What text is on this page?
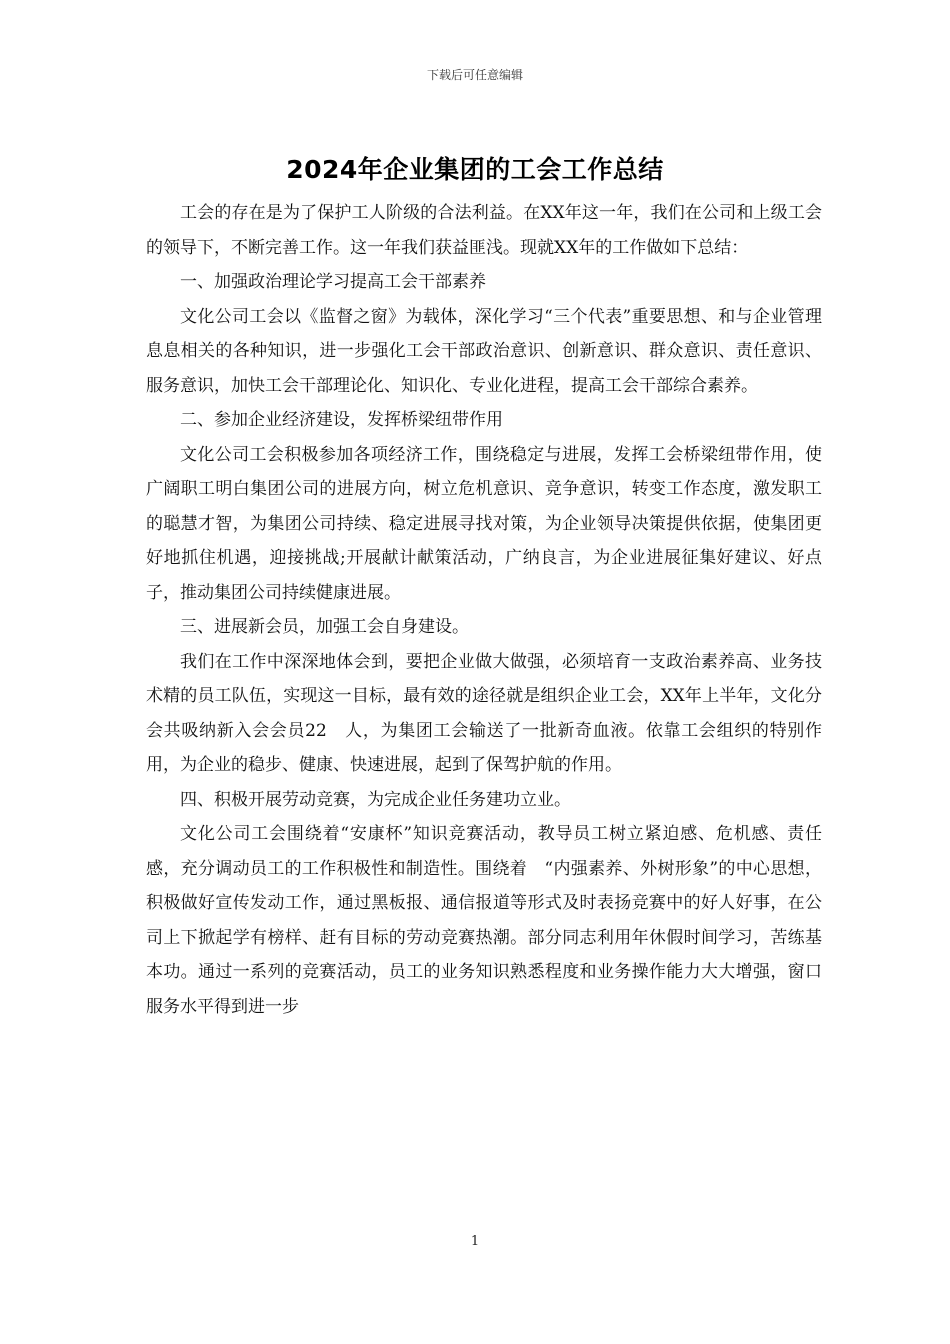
下载后可任意编辑
2024年企业集团的工会工作总结

工会的存在是为了保护工人阶级的合法利益。在XX年这一年，我们在公司和上级工会的领导下，不断完善工作。这一年我们获益匪浅。现就XX年的工作做如下总结：

一、加强政治理论学习提高工会干部素养

文化公司工会以《监督之窗》为载体，深化学习“三个代表”重要思想、和与企业管理息息相关的各种知识，进一步强化工会干部政治意识、创新意识、群众意识、责任意识、服务意识，加快工会干部理论化、知识化、专业化进程，提高工会干部综合素养。

二、参加企业经济建设，发挥桥梁纽带作用

文化公司工会积极参加各项经济工作，围绕稳定与进展，发挥工会桥梁纽带作用，使广阔职工明白集团公司的进展方向，树立危机意识、竞争意识，转变工作态度，激发职工的聪慧才智，为集团公司持续、稳定进展寻找对策，为企业领导决策提供依据，使集团更好地抓住机遇，迎接挑战;开展献计献策活动，广纳良言，为企业进展征集好建议、好点子，推动集团公司持续健康进展。

三、进展新会员，加强工会自身建设。

我们在工作中深深地体会到，要把企业做大做强，必须培育一支政治素养高、业务技术精的员工队伍，实现这一目标，最有效的途径就是组织企业工会，XX年上半年，文化分会共吸纳新入会会员22　人，为集团工会输送了一批新奇血液。依靠工会组织的特别作用，为企业的稳步、健康、快速进展，起到了保驾护航的作用。

四、积极开展劳动竞赛，为完成企业任务建功立业。

文化公司工会围绕着“安康杯”知识竞赛活动，教导员工树立紧迫感、危机感、责任感，充分调动员工的工作积极性和制造性。围绕着　“内强素养、外树形象”的中心思想，积极做好宣传发动工作，通过黑板报、通信报道等形式及时表扬竞赛中的好人好事，在公司上下掀起学有榜样、赶有目标的劳动竞赛热潮。部分同志利用年休假时间学习，苦练基本功。通过一系列的竞赛活动，员工的业务知识熟悉程度和业务操作能力大大增强，窗口服务水平得到进一步

1
